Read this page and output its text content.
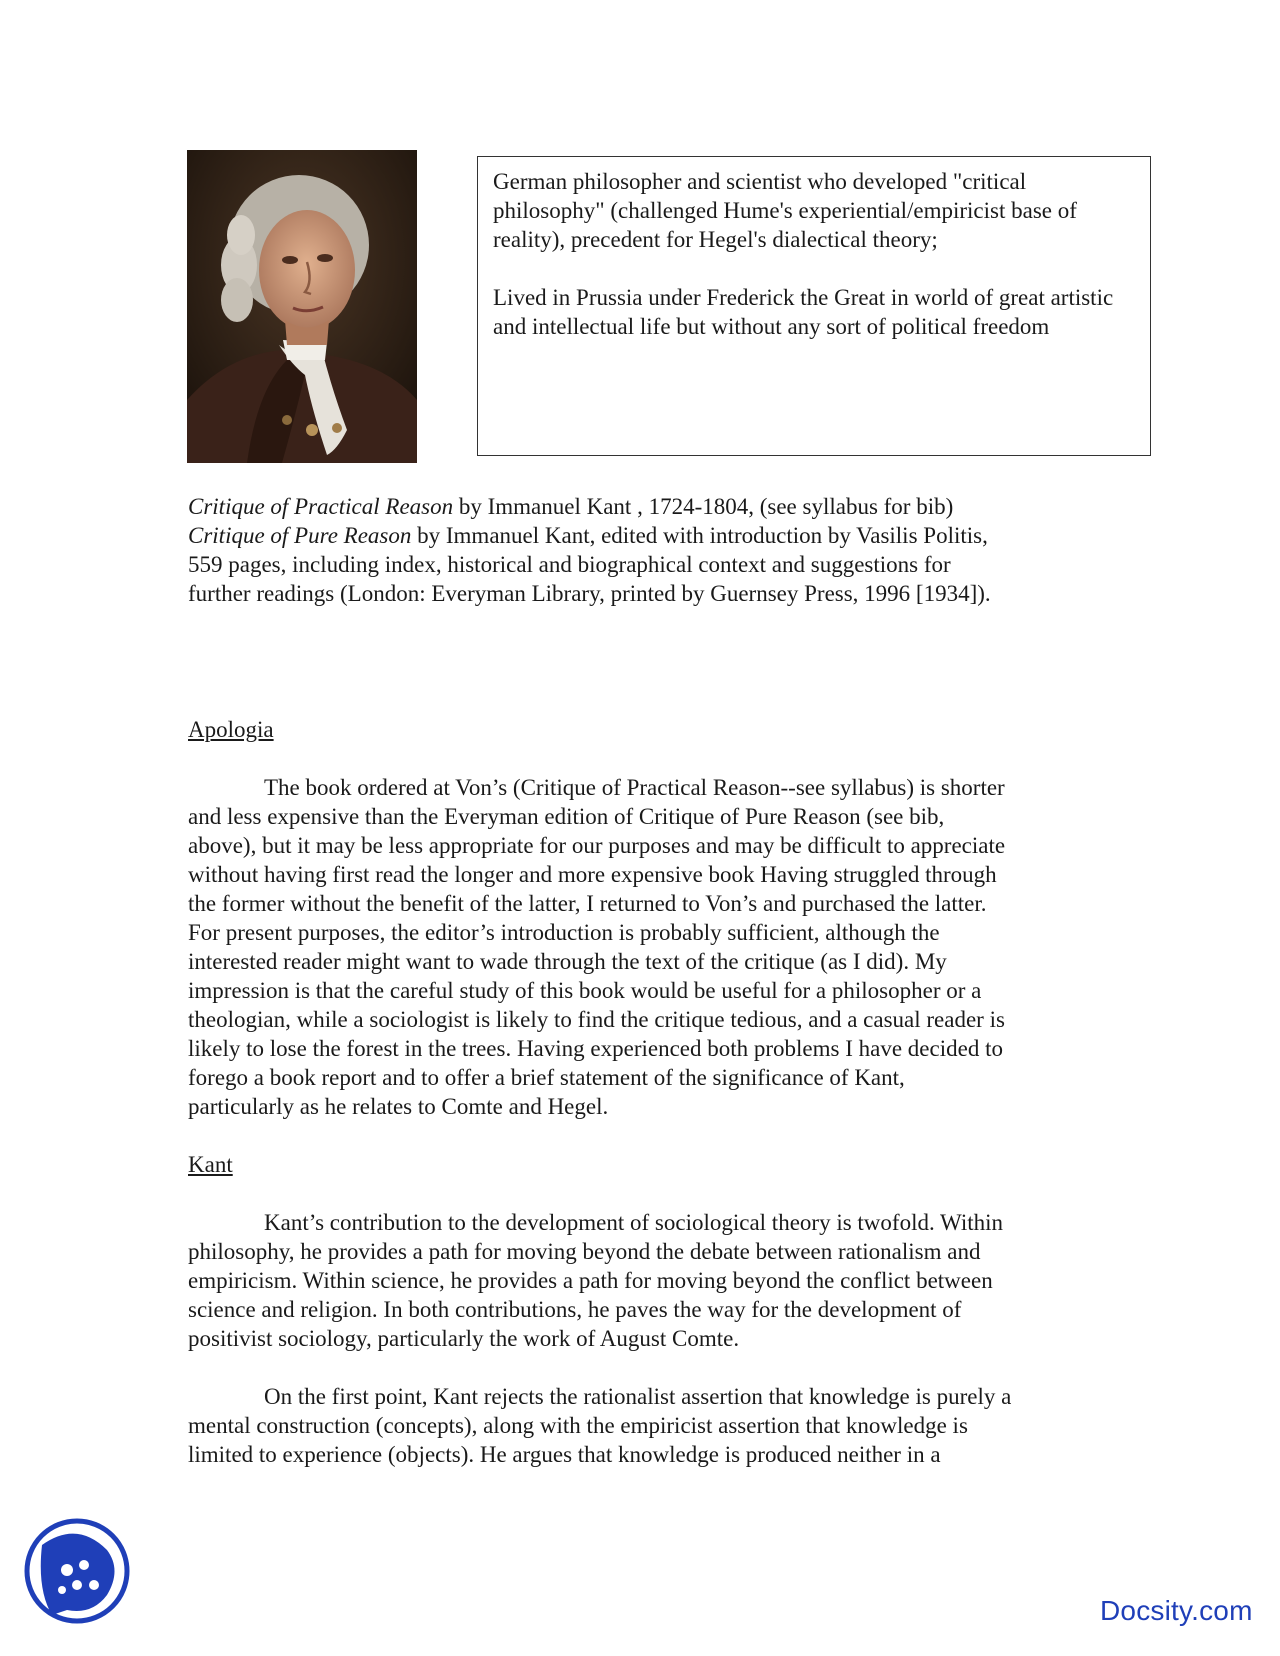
German philosopher and scientist who developed "critical philosophy" (challenged Hume's experiential/empiricist base of reality), precedent for Hegel's dialectical theory;

Lived in Prussia under Frederick the Great in world of great artistic and intellectual life but without any sort of political freedom

Critique of Practical Reason by Immanuel Kant , 1724-1804, (see syllabus for bib)
Critique of Pure Reason by Immanuel Kant, edited with introduction by Vasilis Politis,
559 pages, including index, historical and biographical context and suggestions for
further readings (London: Everyman Library, printed by Guernsey Press, 1996 [1934]).
Apologia
The book ordered at Von’s (Critique of Practical Reason--see syllabus) is shorter
and less expensive than the Everyman edition of Critique of Pure Reason (see bib,
above), but it may be less appropriate for our purposes and may be difficult to appreciate
without having first read the longer and more expensive book Having struggled through
the former without the benefit of the latter, I returned to Von’s and purchased the latter.
For present purposes, the editor’s introduction is probably sufficient, although the
interested reader might want to wade through the text of the critique (as I did). My
impression is that the careful study of this book would be useful for a philosopher or a
theologian, while a sociologist is likely to find the critique tedious, and a casual reader is
likely to lose the forest in the trees. Having experienced both problems I have decided to
forego a book report and to offer a brief statement of the significance of Kant,
particularly as he relates to Comte and Hegel.
Kant
Kant’s contribution to the development of sociological theory is twofold. Within
philosophy, he provides a path for moving beyond the debate between rationalism and
empiricism. Within science, he provides a path for moving beyond the conflict between
science and religion. In both contributions, he paves the way for the development of
positivist sociology, particularly the work of August Comte.
On the first point, Kant rejects the rationalist assertion that knowledge is purely a
mental construction (concepts), along with the empiricist assertion that knowledge is
limited to experience (objects). He argues that knowledge is produced neither in a
Docsity.com
